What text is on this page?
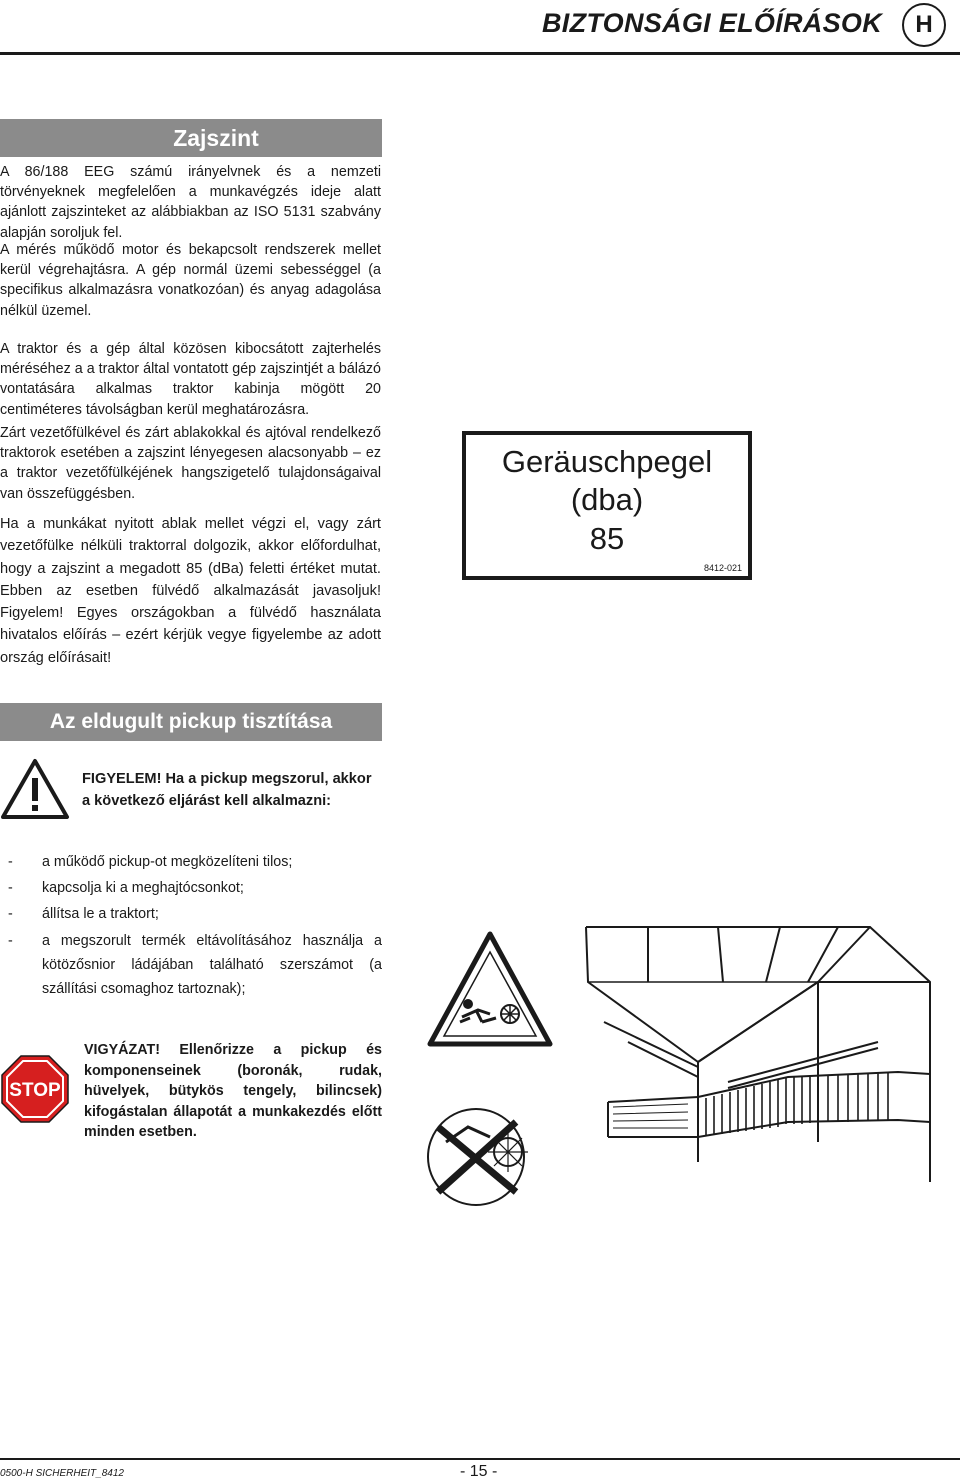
BIZTONSÁGI ELŐÍRÁSOK	H
Zajszint
A 86/188 EEG számú irányelvnek és a nemzeti törvényeknek megfelelően a munkavégzés ideje alatt ajánlott zajszinteket az alábbiakban az ISO 5131 szabvány alapján soroljuk fel.
A mérés működő motor és bekapcsolt rendszerek mellet kerül végrehajtásra. A gép normál üzemi sebességgel (a specifikus alkalmazásra vonatkozóan) és anyag adagolása nélkül üzemel.
A traktor és a gép által közösen kibocsátott zajterhelés méréséhez a a traktor által vontatott gép zajszintjét a bálázó vontatására alkalmas traktor kabinja mögött 20 centiméteres távolságban kerül meghatározásra.
Zárt vezetőfülkével és zárt ablakokkal és ajtóval rendelkező traktorok esetében a zajszint lényegesen alacsonyabb – ez a traktor vezetőfülkéjének hangszigetelő tulajdonságaival van összefüggésben.
Ha a munkákat nyitott ablak mellet végzi el, vagy zárt vezetőfülke nélküli traktorral dolgozik, akkor előfordulhat, hogy a zajszint a megadott 85 (dBa) feletti értéket mutat. Ebben az esetben fülvédő alkalmazását javasoljuk! Figyelem! Egyes országokban a fülvédő használata hivatalos előírás – ezért kérjük vegye figyelembe az adott ország előírásait!
Geräuschpegel
(dba)
85
8412-021
Az eldugult pickup tisztítása
FIGYELEM! Ha a pickup megszorul, akkor a következő eljárást kell alkalmazni:
- a működő pickup-ot megközelíteni tilos;
- kapcsolja ki a meghajtócsonkot;
- állítsa le a traktort;
- a megszorult termék eltávolításához használja a kötözősnior ládájában található szerszámot (a szállítási csomaghoz tartoznak);
STOP
VIGYÁZAT! Ellenőrizze a pickup és komponenseinek (boronák, rudak, hüvelyek, bütykös tengely, bilincsek) kifogástalan állapotát a munkakezdés előtt minden esetben.
0500-H SICHERHEIT_8412	- 15 -
